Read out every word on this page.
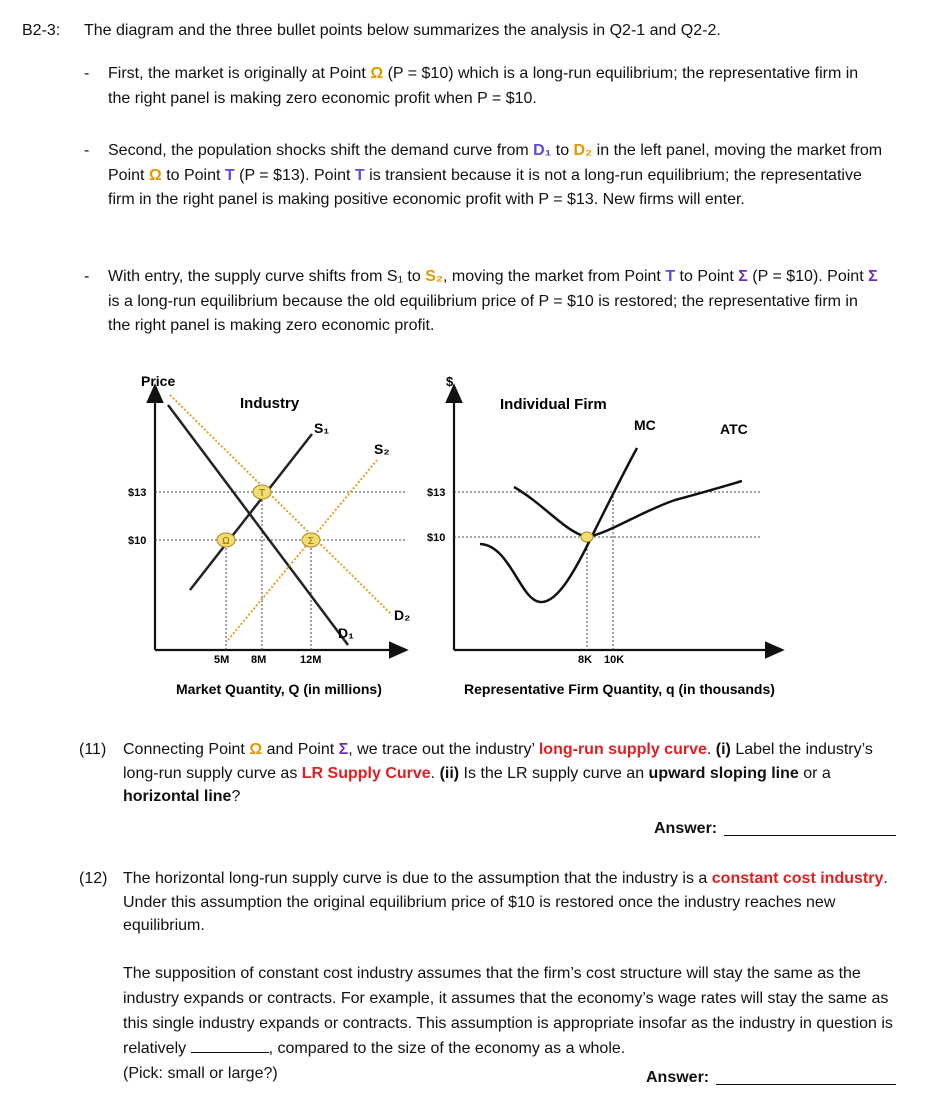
B2-3: The diagram and the three bullet points below summarizes the analysis in Q2-1 and Q2-2.
- First, the market is originally at Point Ω (P = $10) which is a long-run equilibrium; the representative firm in the right panel is making zero economic profit when P = $10.
- Second, the population shocks shift the demand curve from D₁ to D₂ in the left panel, moving the market from Point Ω to Point T (P = $13). Point T is transient because it is not a long-run equilibrium; the representative firm in the right panel is making positive economic profit with P = $13. New firms will enter.
- With entry, the supply curve shifts from S₁ to S₂, moving the market from Point T to Point Σ (P = $10). Point Σ is a long-run equilibrium because the old equilibrium price of P = $10 is restored; the representative firm in the right panel is making zero economic profit.
Price
Industry
$13
$10
5M 8M	12M
S₁
S₂
D₁
D₂
T
Ω	Σ
Market Quantity, Q (in millions)
$
Individual Firm
$13
$10
8K 10K
MC	ATC
Representative Firm Quantity, q (in thousands)
(11) Connecting Point Ω and Point Σ, we trace out the industry’ long-run supply curve. (i) Label the industry’s long-run supply curve as LR Supply Curve. (ii) Is the LR supply curve an upward sloping line or a horizontal line?
Answer:
(12) The horizontal long-run supply curve is due to the assumption that the industry is a constant cost industry. Under this assumption the original equilibrium price of $10 is restored once the industry reaches new equilibrium.
The supposition of constant cost industry assumes that the firm’s cost structure will stay the same as the industry expands or contracts. For example, it assumes that the economy’s wage rates will stay the same as this single industry expands or contracts. This assumption is appropriate insofar as the industry in question is relatively	, compared to the size of the economy as a whole.
(Pick: small or large?)	Answer:
